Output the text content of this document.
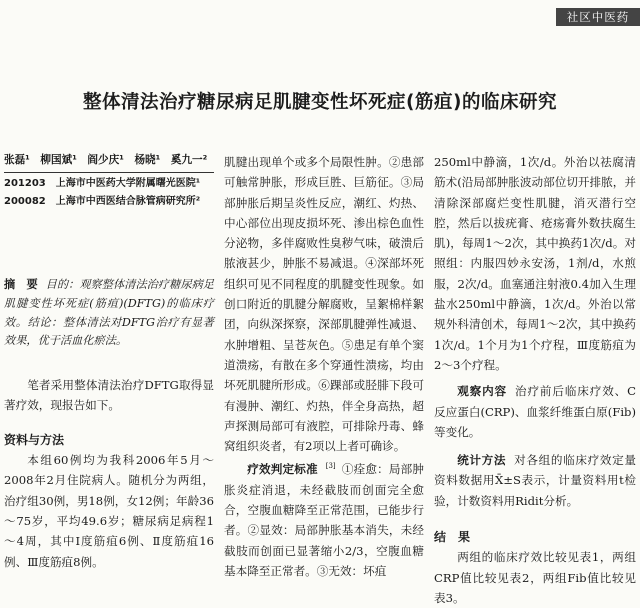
社区中医药
整体清法治疗糖尿病足肌腱变性坏死症(筋疽)的临床研究

张磊¹　柳国斌¹　阎少庆¹　杨晓¹　奚九一²

201203　上海市中医药大学附属曙光医院¹

200082　上海市中西医结合脉管病研究所²

摘　要 目的：观察整体清法治疗糖尿病足肌腱变性坏死症(筋疽)(DFTG)的临床疗效。结论：整体清法对DFTG治疗有显著效果，优于活血化瘀法。

笔者采用整体清法治疗DFTG取得显著疗效，现报告如下。

资料与方法

本组60例均为我科2006年5月～2008年2月住院病人。随机分为两组，治疗组30例，男18例，女12例；年龄36～75岁，平均49.6岁；糖尿病足病程1～4周，其中Ⅰ度筋疽6例、Ⅱ度筋疽16例、Ⅲ度筋疽8例。

肌腱出现单个或多个局限性肿。②患部可触常肿胀，形成巨胜、巨筋征。③局部肿胀后期呈炎性反应，潮红、灼热、中心部位出现皮损坏死、渗出棕色血性分泌物，多伴腐败性臭秽气味，破溃后脓液甚少，肿胀不易减退。④深部坏死组织可见不同程度的肌腱变性现象。如创口附近的肌腱分解腐败，呈絮棉样絮团，向纵深探察，深部肌腱弹性减退、水肿增粗、呈苍灰色。⑤患足有单个窦道溃疡，有散在多个穿通性溃疡，均由坏死肌腱所形成。⑥踝部或胫腓下段可有漫肿、潮红、灼热，伴全身高热，超声探测局部可有液腔，可排除丹毒、蜂窝组织炎者，有2项以上者可确诊。

疗效判定标准 [3] ①痊愈：局部肿胀炎症消退，未经截肢而创面完全愈合，空腹血糖降至正常范围，已能步行者。②显效：局部肿胀基本消失，未经截肢而创面已显著缩小2/3，空腹血糖基本降至正常者。③无效：坏疽

250ml中静滴，1次/d。外治以祛腐清筋术(沿局部肿胀波动部位切开排脓，并清除深部腐烂变性肌腱，消灭潜行空腔，然后以拔疣膏、疮疡膏外数扶腐生肌)，每周1～2次，其中换药1次/d。对照组：内服四妙永安汤，1剂/d，水煎服，2次/d。血塞通注射液0.4加入生理盐水250ml中静滴，1次/d。外治以常规外科清创术，每周1～2次，其中换药1次/d。1个月为1个疗程，Ⅲ度筋疽为2～3个疗程。

观察内容 治疗前后临床疗效、C反应蛋白(CRP)、血浆纤维蛋白原(Fib)等变化。

统计方法 对各组的临床疗效定量资料数据用X̄±S表示，计量资料用t检验，计数资料用Ridit分析。

结　果

两组的临床疗效比较见表1，两组CRP值比较见表2，两组Fib值比较见表3。
